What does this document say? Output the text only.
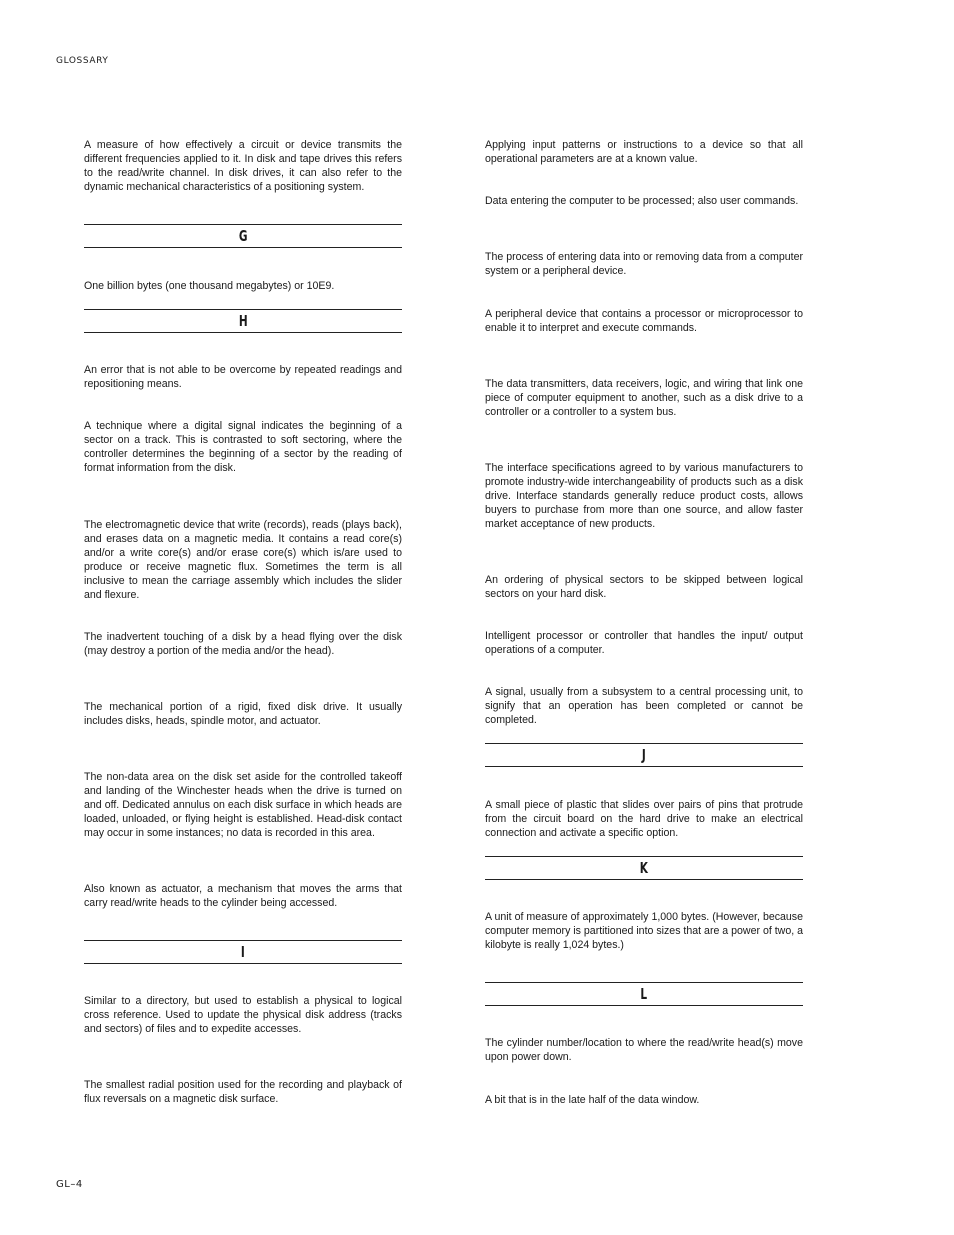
GLOSSARY

A measure of how effectively a circuit or device transmits the different frequencies applied to it. In disk and tape drives this refers to the read/write channel. In disk drives, it can also refer to the dynamic mechanical characteristics of a positioning system.

G

One billion bytes (one thousand megabytes) or 10E9.

H

An error that is not able to be overcome by repeated readings and repositioning means.

A technique where a digital signal indicates the beginning of a sector on a track. This is contrasted to soft sectoring, where the controller determines the beginning of a sector by the reading of format information from the disk.

The electromagnetic device that write (records), reads (plays back), and erases data on a magnetic media. It contains a read core(s) and/or a write core(s) and/or erase core(s) which is/are used to produce or receive magnetic flux. Sometimes the term is all inclusive to mean the carriage assembly which includes the slider and flexure.

The inadvertent touching of a disk by a head flying over the disk (may destroy a portion of the media and/or the head).

The mechanical portion of a rigid, fixed disk drive. It usually includes disks, heads, spindle motor, and actuator.

The non-data area on the disk set aside for the controlled takeoff and landing of the Winchester heads when the drive is turned on and off. Dedicated annulus on each disk surface in which heads are loaded, unloaded, or flying height is established. Head-disk contact may occur in some instances; no data is recorded in this area.

Also known as actuator, a mechanism that moves the arms that carry read/write heads to the cylinder being accessed.

I

Similar to a directory, but used to establish a physical to logical cross reference. Used to update the physical disk address (tracks and sectors) of files and to expedite accesses.

The smallest radial position used for the recording and playback of flux reversals on a magnetic disk surface.

Applying input patterns or instructions to a device so that all operational parameters are at a known value.

Data entering the computer to be processed; also user commands.

The process of entering data into or removing data from a computer system or a peripheral device.

A peripheral device that contains a processor or microprocessor to enable it to interpret and execute commands.

The data transmitters, data receivers, logic, and wiring that link one piece of computer equipment to another, such as a disk drive to a controller or a controller to a system bus.

The interface specifications agreed to by various manufacturers to promote industry-wide interchangeability of products such as a disk drive. Interface standards generally reduce product costs, allows buyers to purchase from more than one source, and allow faster market acceptance of new products.

An ordering of physical sectors to be skipped between logical sectors on your hard disk.

Intelligent processor or controller that handles the input/ output operations of a computer.

A signal, usually from a subsystem to a central processing unit, to signify that an operation has been completed or cannot be completed.

J

A small piece of plastic that slides over pairs of pins that protrude from the circuit board on the hard drive to make an electrical connection and activate a specific option.

K

A unit of measure of approximately 1,000 bytes. (However, because computer memory is partitioned into sizes that are a power of two, a kilobyte is really 1,024 bytes.)

L

The cylinder number/location to where the read/write head(s) move upon power down.

A bit that is in the late half of the data window.

GL–4
